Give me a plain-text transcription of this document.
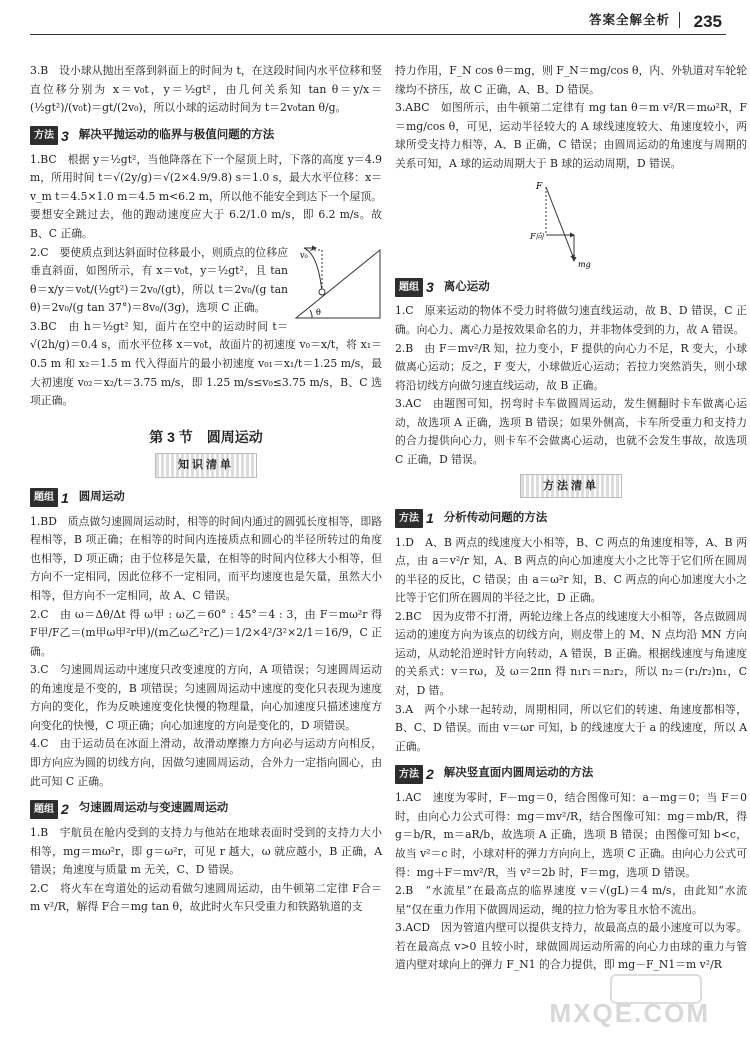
答案全解全析 235

3.B　设小球从抛出至落到斜面上的时间为 t，在这段时间内水平位移和竖直位移分别为 x＝v₀t，y＝½gt²，由几何关系知 tan θ＝y/x＝(½gt²)/(v₀t)＝gt/(2v₀)，所以小球的运动时间为 t＝2v₀tan θ/g。

方法 3 解决平抛运动的临界与极值问题的方法

1.BC　根据 y＝½gt²，当他降落在下一个屋顶上时，下落的高度 y＝4.9 m，所用时间 t＝√(2y/g)＝√(2×4.9/9.8) s＝1.0 s，最大水平位移：x＝v_m t＝4.5×1.0 m＝4.5 m<6.2 m，所以他不能安全到达下一个屋顶。要想安全跳过去，他的跑动速度应大于 6.2/1.0 m/s，即 6.2 m/s。故 B、C 正确。

v₀
θ

2.C　要使质点到达斜面时位移最小，则质点的位移应垂直斜面，如图所示，有 x＝v₀t，y＝½gt²，且 tan θ＝x/y＝v₀t/(½gt²)＝2v₀/(gt)，所以 t＝2v₀/(g tan θ)＝2v₀/(g tan 37°)＝8v₀/(3g)，选项 C 正确。

3.BC　由 h＝½gt² 知，面片在空中的运动时间 t＝√(2h/g)＝0.4 s，而水平位移 x＝v₀t，故面片的初速度 v₀＝x/t，将 x₁＝0.5 m 和 x₂＝1.5 m 代入得面片的最小初速度 v₀₁＝x₁/t＝1.25 m/s，最大初速度 v₀₂＝x₂/t＝3.75 m/s，即 1.25 m/s≤v₀≤3.75 m/s，B、C 选项正确。

第 3 节　圆周运动
知识清单
题组 1 圆周运动

1.BD　质点做匀速圆周运动时，相等的时间内通过的圆弧长度相等，即路程相等，B 项正确；在相等的时间内连接质点和圆心的半径所转过的角度也相等，D 项正确；由于位移是矢量，在相等的时间内位移大小相等，但方向不一定相同，因此位移不一定相同，而平均速度也是矢量，虽然大小相等，但方向不一定相同，故 A、C 错误。

2.C　由 ω＝Δθ/Δt 得 ω甲 : ω乙＝60° : 45°＝4 : 3，由 F＝mω²r 得 F甲/F乙＝(m甲ω甲²r甲)/(m乙ω乙²r乙)＝1/2×4²/3²×2/1＝16/9，C 正确。

3.C　匀速圆周运动中速度只改变速度的方向，A 项错误；匀速圆周运动的角速度是不变的，B 项错误；匀速圆周运动中速度的变化只表现为速度方向的变化，作为反映速度变化快慢的物理量，向心加速度只描述速度方向变化的快慢，C 项正确；向心加速度的方向是变化的，D 项错误。

4.C　由于运动员在冰面上滑动，故滑动摩擦力方向必与运动方向相反，即方向应为圆的切线方向，因做匀速圆周运动，合外力一定指向圆心，由此可知 C 正确。

题组 2 匀速圆周运动与变速圆周运动

1.B　宇航员在舱内受到的支持力与他站在地球表面时受到的支持力大小相等，mg＝mω²r，即 g＝ω²r，可见 r 越大，ω 就应越小，B 正确，A 错误；角速度与质量 m 无关，C、D 错误。

2.C　将火车在弯道处的运动看做匀速圆周运动，由牛顿第二定律 F合＝m v²/R，解得 F合＝mg tan θ，故此时火车只受重力和铁路轨道的支

持力作用，F_N cos θ＝mg，则 F_N＝mg/cos θ，内、外轨道对车轮轮缘均不挤压，故 C 正确，A、B、D 错误。

3.ABC　如图所示，由牛顿第二定律有 mg tan θ＝m v²/R＝mω²R，F＝mg/cos θ，可见，运动半径较大的 A 球线速度较大、角速度较小，两球所受支持力相等，A、B 正确，C 错误；由圆周运动的角速度与周期的关系可知，A 球的运动周期大于 B 球的运动周期，D 错误。

F
F向
mg
题组 3 离心运动

1.C　原来运动的物体不受力时将做匀速直线运动，故 B、D 错误，C 正确。向心力、离心力是按效果命名的力，并非物体受到的力，故 A 错误。

2.B　由 F＝mv²/R 知，拉力变小，F 提供的向心力不足，R 变大，小球做离心运动；反之，F 变大，小球做近心运动；若拉力突然消失，则小球将沿切线方向做匀速直线运动，故 B 正确。

3.AC　由题图可知，拐弯时卡车做圆周运动，发生侧翻时卡车做离心运动，故选项 A 正确，选项 B 错误；如果外侧高，卡车所受重力和支持力的合力提供向心力，则卡车不会做离心运动，也就不会发生事故，故选项 C 正确，D 错误。

方法清单
方法 1 分析传动问题的方法

1.D　A、B 两点的线速度大小相等，B、C 两点的角速度相等，A、B 两点，由 a＝v²/r 知，A、B 两点的向心加速度大小之比等于它们所在圆周的半径的反比，C 错误；由 a＝ω²r 知，B、C 两点的向心加速度大小之比等于它们所在圆周的半径之比，D 正确。

2.BC　因为皮带不打滑，两轮边缘上各点的线速度大小相等，各点做圆周运动的速度方向为该点的切线方向，则皮带上的 M、N 点均沿 MN 方向运动，从动轮沿逆时针方向转动，A 错误，B 正确。根据线速度与角速度的关系式：v＝rω，及 ω＝2πn 得 n₁r₁＝n₂r₂，所以 n₂＝(r₁/r₂)n₁，C 对，D 错。

3.A　两个小球一起转动，周期相同，所以它们的转速、角速度都相等，B、C、D 错误。而由 v＝ωr 可知，b 的线速度大于 a 的线速度，所以 A 正确。

方法 2 解决竖直面内圆周运动的方法

1.AC　速度为零时，F－mg＝0，结合图像可知：a－mg＝0；当 F＝0 时，由向心力公式可得：mg＝mv²/R，结合图像可知：mg＝mb/R，得 g＝b/R，m＝aR/b，故选项 A 正确，选项 B 错误；由图像可知 b<c，故当 v²＝c 时，小球对杆的弹力方向向上，选项 C 正确。由向心力公式可得：mg＋F＝mv²/R，当 v²＝2b 时，F＝mg，选项 D 错误。

2.B　“水流星”在最高点的临界速度 v＝√(gL)＝4 m/s，由此知“水流星”仅在重力作用下做圆周运动，绳的拉力恰为零且水恰不流出。

3.ACD　因为管道内壁可以提供支持力，故最高点的最小速度可以为零。若在最高点 v>0 且较小时，球做圆周运动所需的向心力由球的重力与管道内壁对球向上的弹力 F_N1 的合力提供，即 mg－F_N1＝m v²/R

MXQE.COM
